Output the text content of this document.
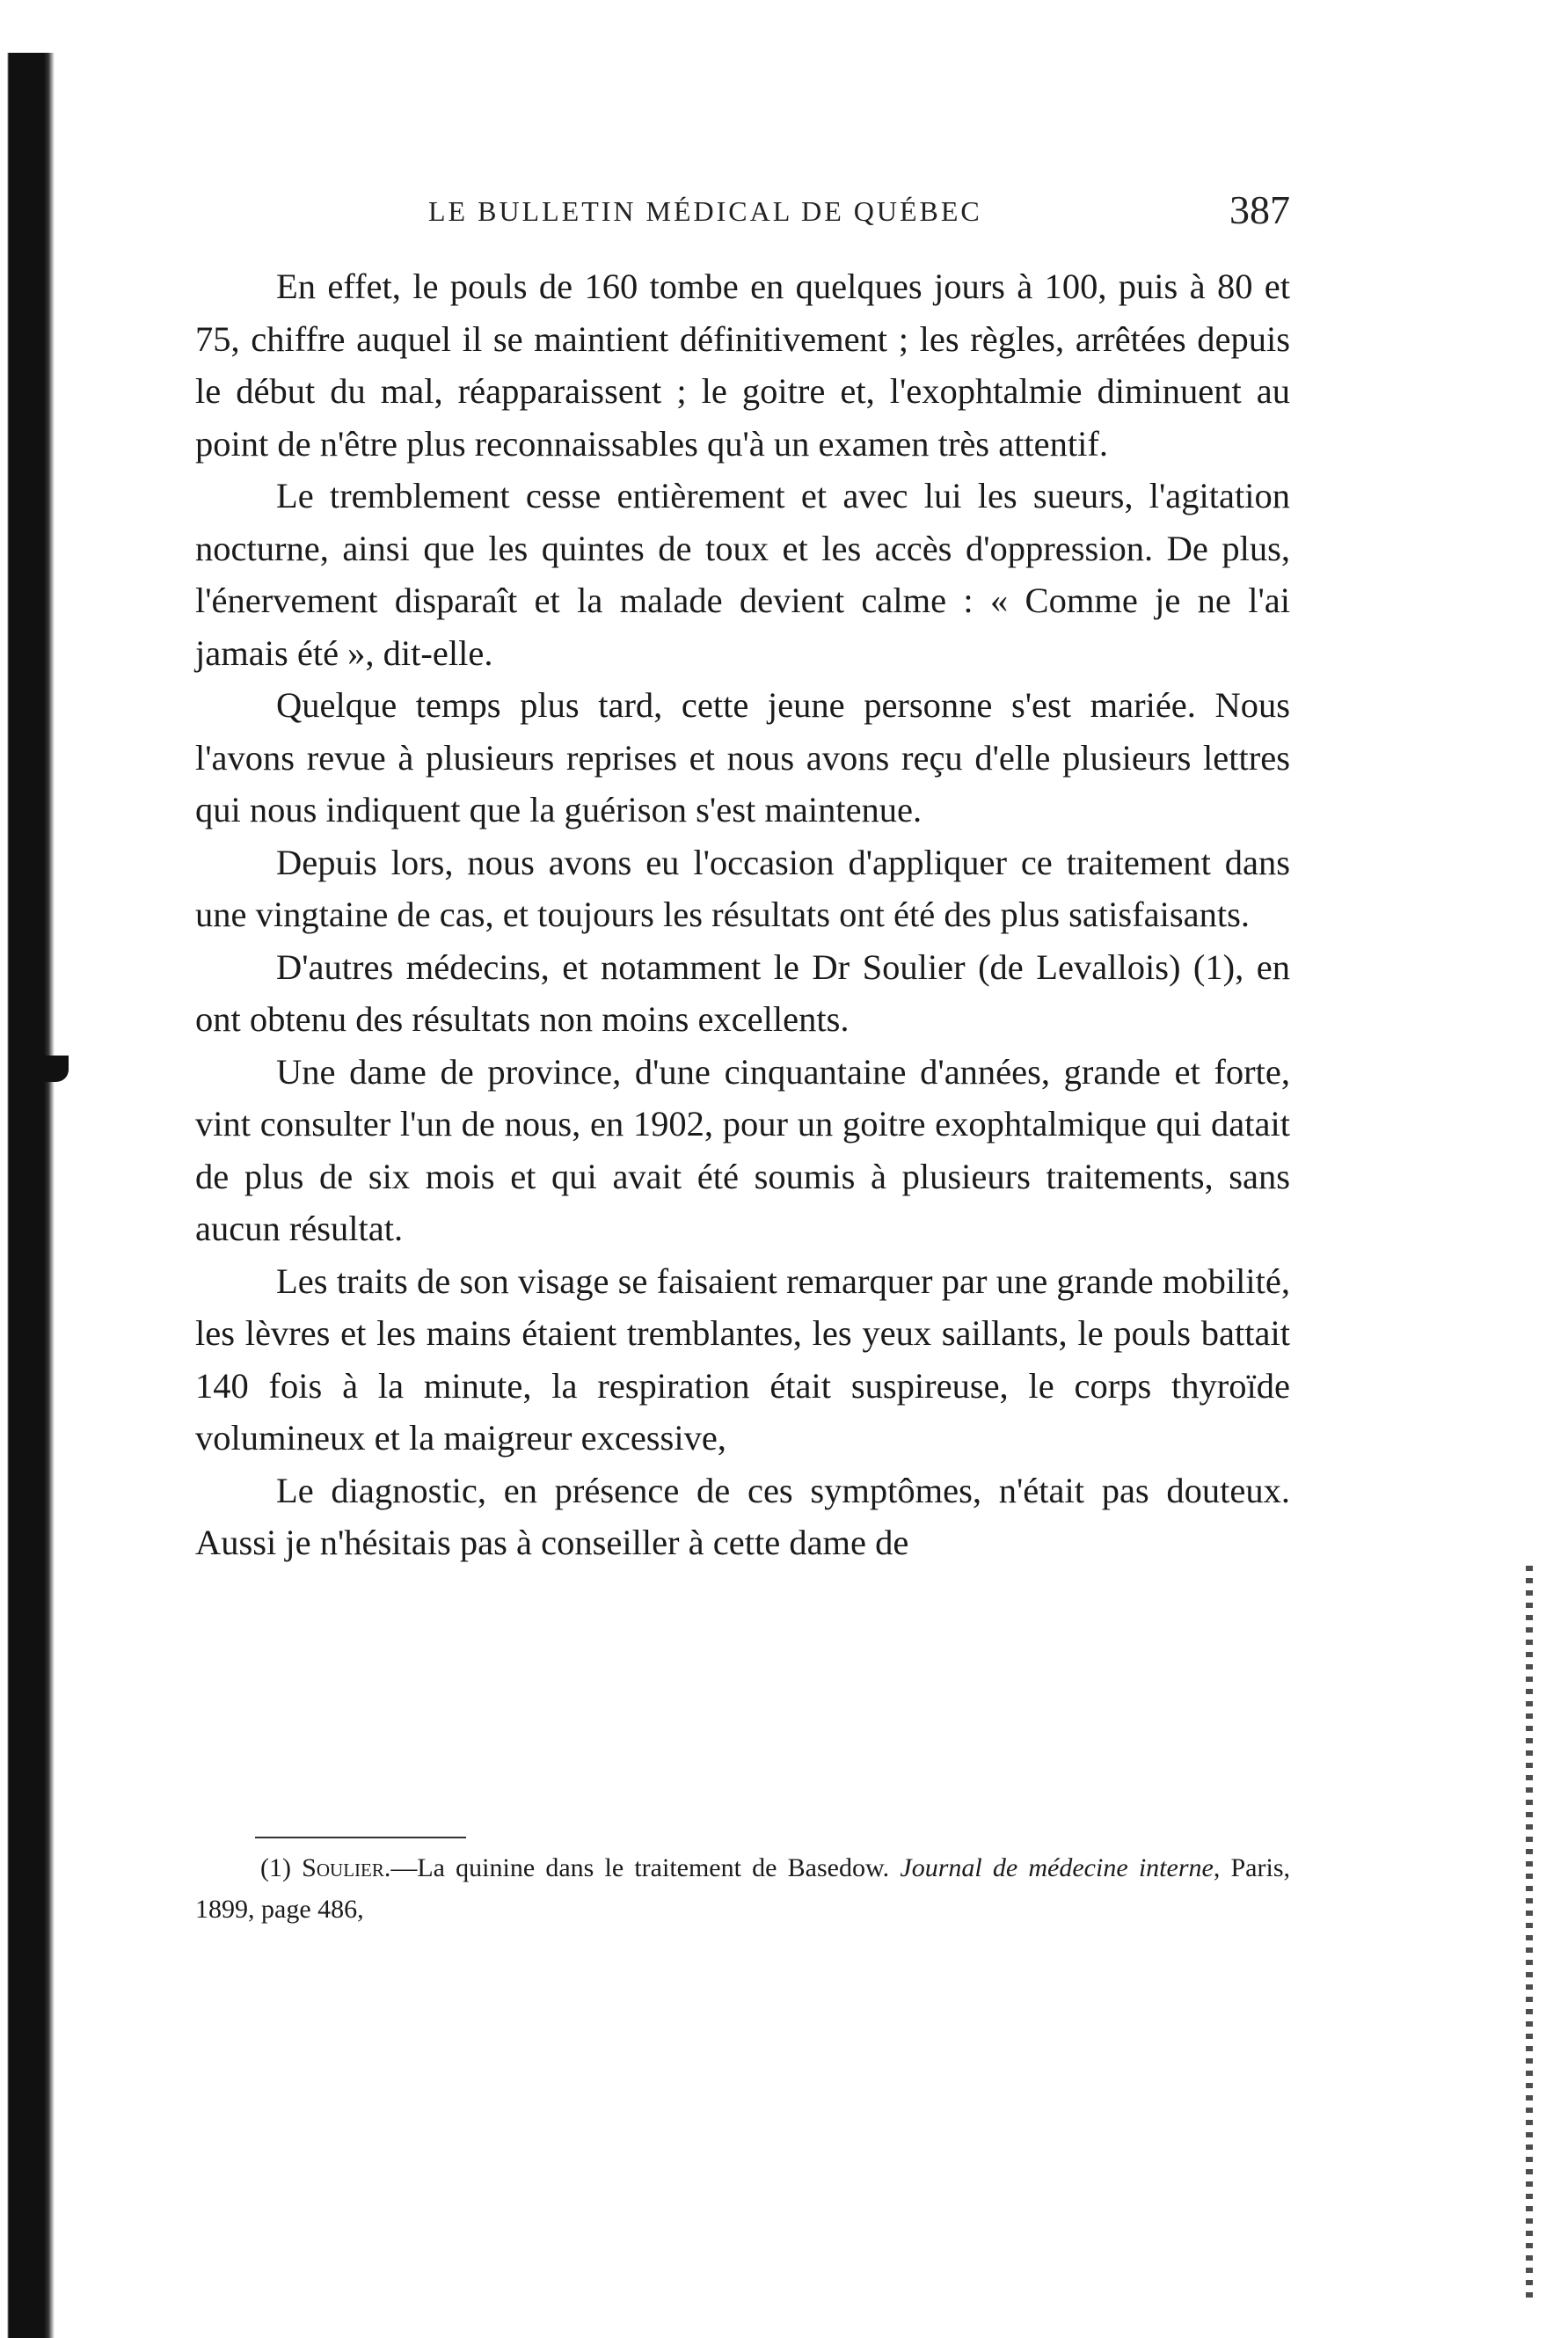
LE BULLETIN MÉDICAL DE QUÉBEC	387

En effet, le pouls de 160 tombe en quelques jours à 100, puis à 80 et 75, chiffre auquel il se maintient définitivement ; les règles, arrêtées depuis le début du mal, réapparaissent ; le goitre et, l'exophtalmie diminuent au point de n'être plus reconnaissables qu'à un examen très attentif.

Le tremblement cesse entièrement et avec lui les sueurs, l'agitation nocturne, ainsi que les quintes de toux et les accès d'oppression. De plus, l'énervement disparaît et la malade devient calme : « Comme je ne l'ai jamais été », dit-elle.

Quelque temps plus tard, cette jeune personne s'est mariée. Nous l'avons revue à plusieurs reprises et nous avons reçu d'elle plusieurs lettres qui nous indiquent que la guérison s'est maintenue.

Depuis lors, nous avons eu l'occasion d'appliquer ce traitement dans une vingtaine de cas, et toujours les résultats ont été des plus satisfaisants.

D'autres médecins, et notamment le Dr Soulier (de Levallois) (1), en ont obtenu des résultats non moins excellents.

Une dame de province, d'une cinquantaine d'années, grande et forte, vint consulter l'un de nous, en 1902, pour un goitre exophtalmique qui datait de plus de six mois et qui avait été soumis à plusieurs traitements, sans aucun résultat.

Les traits de son visage se faisaient remarquer par une grande mobilité, les lèvres et les mains étaient tremblantes, les yeux saillants, le pouls battait 140 fois à la minute, la respiration était suspireuse, le corps thyroïde volumineux et la maigreur excessive,

Le diagnostic, en présence de ces symptômes, n'était pas douteux. Aussi je n'hésitais pas à conseiller à cette dame de

(1) Soulier.—La quinine dans le traitement de Basedow. Journal de médecine interne, Paris, 1899, page 486,
